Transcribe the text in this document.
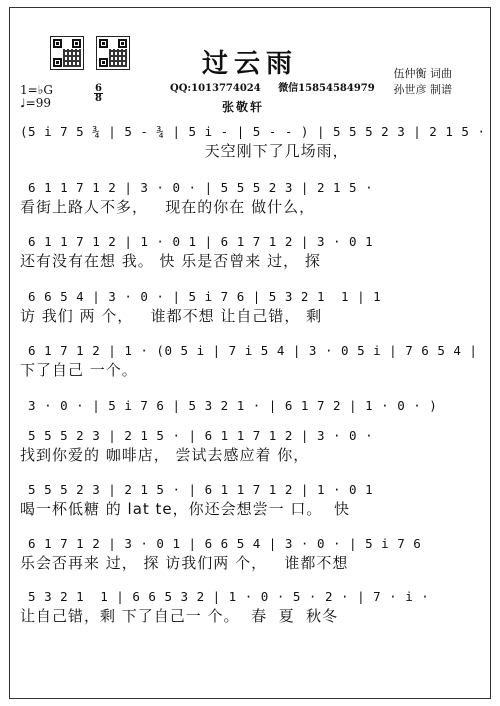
过云雨
QQ:1013774024 微信15854584979
张敬轩
伍仲衡 词曲
孙世彦 制谱
1=♭G
♩=99
6
8
(5 i 7 5 ¾ | 5 - ¾ | 5 i - | 5 - - ) | 5 5 5 2 3 | 2 1 5 ·
天空刚下了几场雨，
6 1 1 7 1 2 | 3 · 0 · | 5 5 5 2 3 | 2 1 5 ·
看街上路人不多，   现在的你在 做什么，
6 1 1 7 1 2 | 1 · 0 1 | 6 1 7 1 2 | 3 · 0 1
还有没有在想 我。 快 乐是否曾来 过， 探
6 6 5 4 | 3 · 0 · | 5 i 7 6 | 5 3 2 1  1 | 1
访 我们 两 个，   谁都不想 让自己错， 剩
6 1 7 1 2 | 1 · (0 5 i | 7 i 5 4 | 3 · 0 5 i | 7 6 5 4 |
下了自己 一个。
3 · 0 · | 5 i 7 6 | 5 3 2 1 · | 6 1 7 2 | 1 · 0 · )
5 5 5 2 3 | 2 1 5 · | 6 1 1 7 1 2 | 3 · 0 ·
找到你爱的 咖啡店， 尝试去感应着 你，
5 5 5 2 3 | 2 1 5 · | 6 1 1 7 1 2 | 1 · 0 1
喝一杯低糖 的 lat te，你还会想尝一 口。  快
6 1 7 1 2 | 3 · 0 1 | 6 6 5 4 | 3 · 0 · | 5 i 7 6
乐会否再来 过， 探 访我们两 个，   谁都不想
5 3 2 1  1 | 6 6 5 3 2 | 1 · 0 · 5 · 2 · | 7 · i ·
让自己错，剩 下了自己一 个。  春  夏  秋冬
